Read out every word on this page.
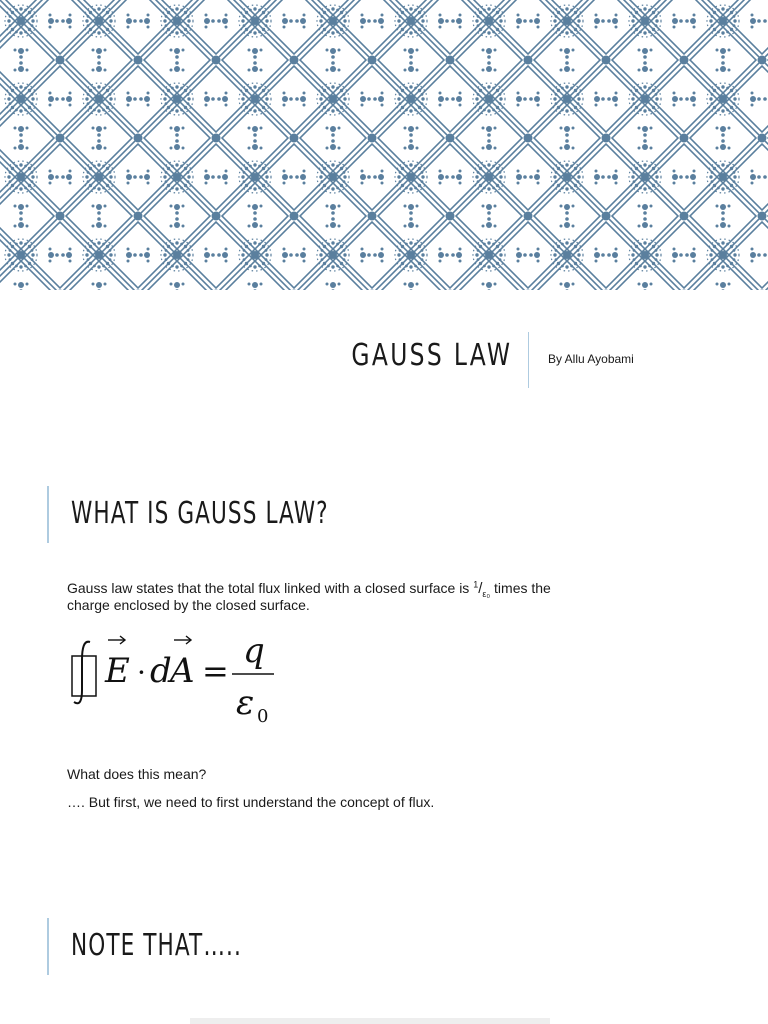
GAUSS LAW	By Allu Ayobami
WHAT IS GAUSS LAW?
Gauss law states that the total flux linked with a closed surface is $^1/_{\varepsilon_0}$ times the
charge enclosed by the closed surface.
E · d
A = q
ε 0
What does this mean?
…. But first, we need to first understand the concept of flux.
NOTE THAT…..
